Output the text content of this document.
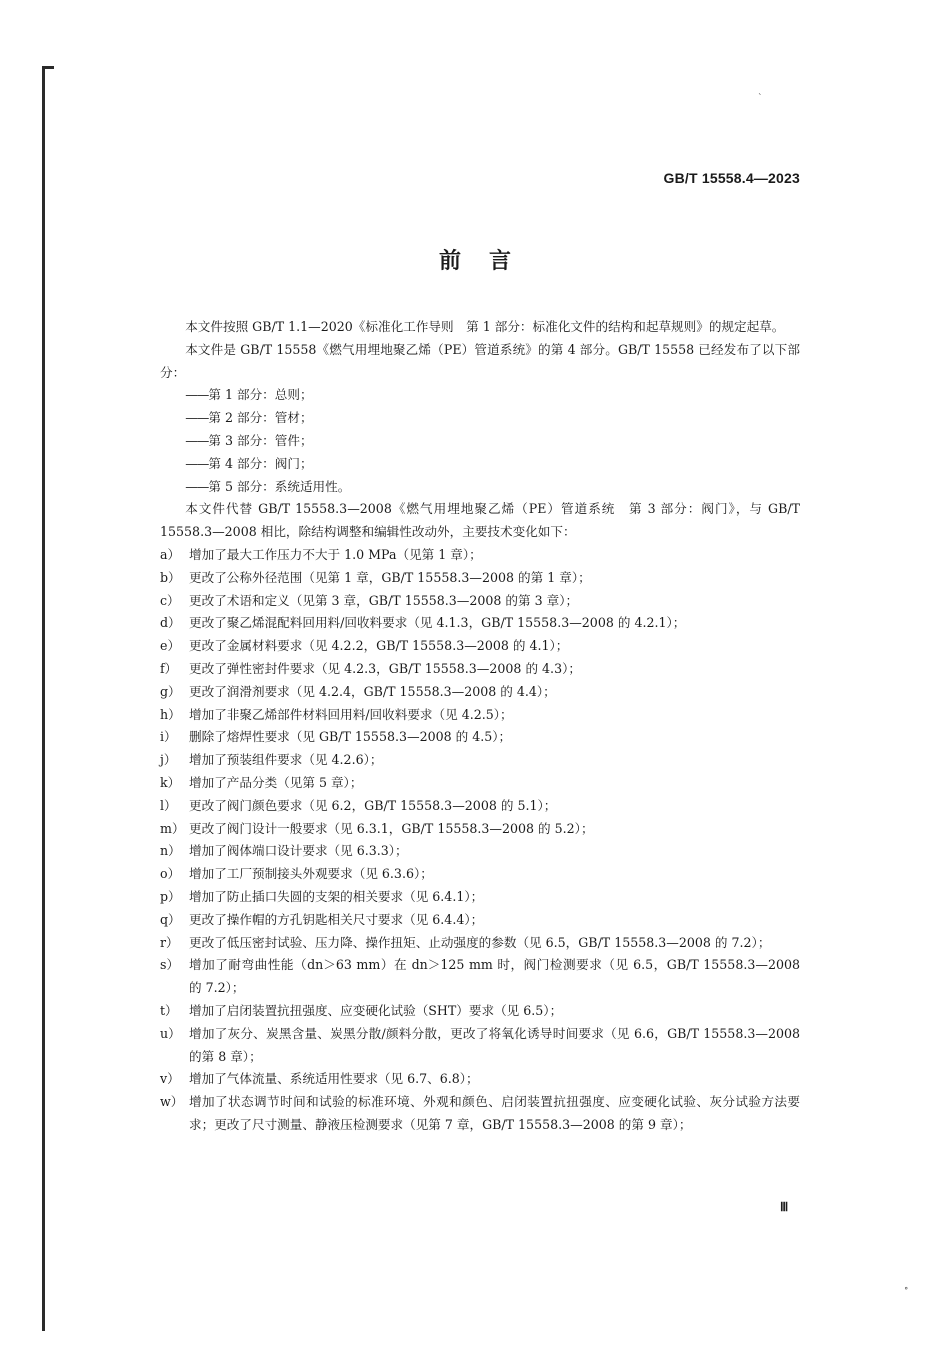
ˋ
∘
GB/T 15558.4—2023
前言

本文件按照 GB/T 1.1—2020《标准化工作导则　第 1 部分：标准化文件的结构和起草规则》的规定起草。

本文件是 GB/T 15558《燃气用埋地聚乙烯（PE）管道系统》的第 4 部分。GB/T 15558 已经发布了以下部分：

——第 1 部分：总则；
——第 2 部分：管材；
——第 3 部分：管件；
——第 4 部分：阀门；
——第 5 部分：系统适用性。

本文件代替 GB/T 15558.3—2008《燃气用埋地聚乙烯（PE）管道系统　第 3 部分：阀门》，与 GB/T 15558.3—2008 相比，除结构调整和编辑性改动外，主要技术变化如下：

a） 增加了最大工作压力不大于 1.0 MPa（见第 1 章）；
b） 更改了公称外径范围（见第 1 章，GB/T 15558.3—2008 的第 1 章）；
c） 更改了术语和定义（见第 3 章，GB/T 15558.3—2008 的第 3 章）；
d） 更改了聚乙烯混配料回用料/回收料要求（见 4.1.3，GB/T 15558.3—2008 的 4.2.1）；
e） 更改了金属材料要求（见 4.2.2，GB/T 15558.3—2008 的 4.1）；
f） 更改了弹性密封件要求（见 4.2.3，GB/T 15558.3—2008 的 4.3）；
g） 更改了润滑剂要求（见 4.2.4，GB/T 15558.3—2008 的 4.4）；
h） 增加了非聚乙烯部件材料回用料/回收料要求（见 4.2.5）；
i） 删除了熔焊性要求（见 GB/T 15558.3—2008 的 4.5）；
j） 增加了预装组件要求（见 4.2.6）；
k） 增加了产品分类（见第 5 章）；
l） 更改了阀门颜色要求（见 6.2，GB/T 15558.3—2008 的 5.1）；
m） 更改了阀门设计一般要求（见 6.3.1，GB/T 15558.3—2008 的 5.2）；
n） 增加了阀体端口设计要求（见 6.3.3）；
o） 增加了工厂预制接头外观要求（见 6.3.6）；
p） 增加了防止插口失圆的支架的相关要求（见 6.4.1）；
q） 更改了操作帽的方孔钥匙相关尺寸要求（见 6.4.4）；
r） 更改了低压密封试验、压力降、操作扭矩、止动强度的参数（见 6.5，GB/T 15558.3—2008 的 7.2）；
s） 增加了耐弯曲性能（dn＞63 mm）在 dn＞125 mm 时，阀门检测要求（见 6.5，GB/T 15558.3—2008 的 7.2）；
t） 增加了启闭装置抗扭强度、应变硬化试验（SHT）要求（见 6.5）；
u） 增加了灰分、炭黑含量、炭黑分散/颜料分散，更改了将氧化诱导时间要求（见 6.6，GB/T 15558.3—2008 的第 8 章）；
v） 增加了气体流量、系统适用性要求（见 6.7、6.8）；
w） 增加了状态调节时间和试验的标准环境、外观和颜色、启闭装置抗扭强度、应变硬化试验、灰分试验方法要求；更改了尺寸测量、静液压检测要求（见第 7 章，GB/T 15558.3—2008 的第 9 章）；
Ⅲ
